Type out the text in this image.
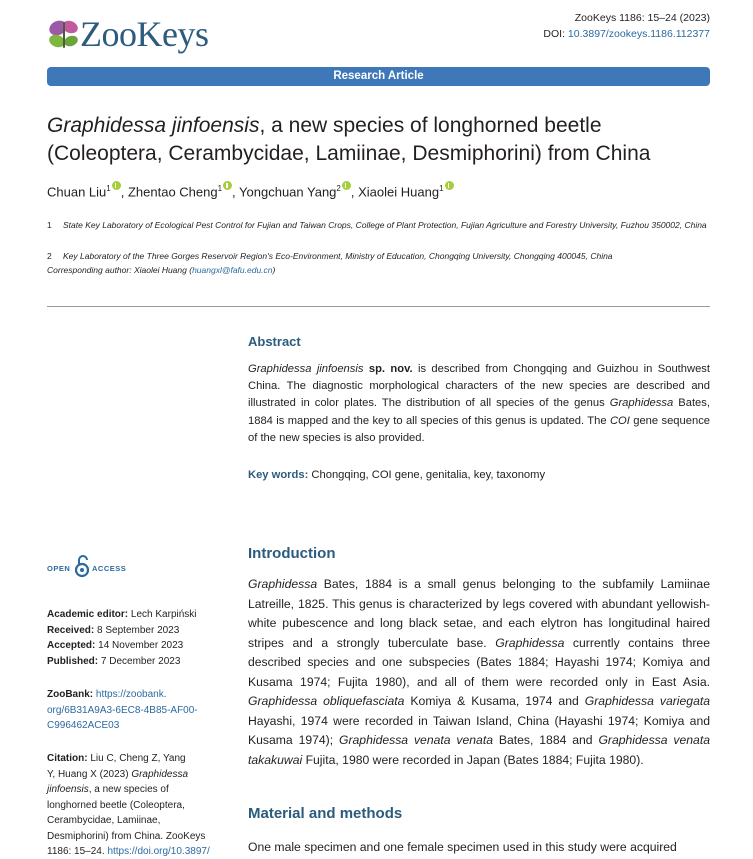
ZooKeys	ZooKeys 1186: 15–24 (2023)
DOI: 10.3897/zookeys.1186.112377
Research Article
Graphidessa jinfoensis, a new species of longhorned beetle (Coleoptera, Cerambycidae, Lamiinae, Desmiphorini) from China
Chuan Liu$^1$ , Zhentao Cheng$^1$ , Yongchuan Yang$^2$ , Xiaolei Huang$^1$
1 State Key Laboratory of Ecological Pest Control for Fujian and Taiwan Crops, College of Plant Protection, Fujian Agriculture and Forestry University, Fuzhou 350002, China
2 Key Laboratory of the Three Gorges Reservoir Region's Eco-Environment, Ministry of Education, Chongqing University, Chongqing 400045, China
Corresponding author: Xiaolei Huang (huangxl@fafu.edu.cn)
Abstract

Graphidessa jinfoensis sp. nov. is described from Chongqing and Guizhou in Southwest China. The diagnostic morphological characters of the new species are described and illustrated in color plates. The distribution of all species of the genus Graphidessa Bates, 1884 is mapped and the key to all species of this genus is updated. The COI gene sequence of the new species is also provided.

Key words: Chongqing, COI gene, genitalia, key, taxonomy
OPEN	ACCESS
Academic editor: Lech Karpiński
Received: 8 September 2023
Accepted: 14 November 2023
Published: 7 December 2023
ZooBank: https://zoobank.
org/6B31A9A3-6EC8-4B85-AF00-
C996462ACE03
Citation: Liu C, Cheng Z, Yang
Y, Huang X (2023) Graphidessa
jinfoensis, a new species of
longhorned beetle (Coleoptera,
Cerambycidae, Lamiinae,
Desmiphorini) from China. ZooKeys
1186: 15–24. https://doi.org/10.3897/
Introduction

Graphidessa Bates, 1884 is a small genus belonging to the subfamily Lamiinae Latreille, 1825. This genus is characterized by legs covered with abundant yellowish-white pubescence and long black setae, and each elytron has longitudinal haired stripes and a strongly tuberculate base. Graphidessa currently contains three described species and one subspecies (Bates 1884; Hayashi 1974; Komiya and Kusama 1974; Fujita 1980), and all of them were recorded only in East Asia. Graphidessa obliquefasciata Komiya & Kusama, 1974 and Graphidessa variegata Hayashi, 1974 were recorded in Taiwan Island, China (Hayashi 1974; Komiya and Kusama 1974); Graphidessa venata venata Bates, 1884 and Graphidessa venata takakuwai Fujita, 1980 were recorded in Japan (Bates 1884; Fujita 1980).

Material and methods

One male specimen and one female specimen used in this study were acquired
